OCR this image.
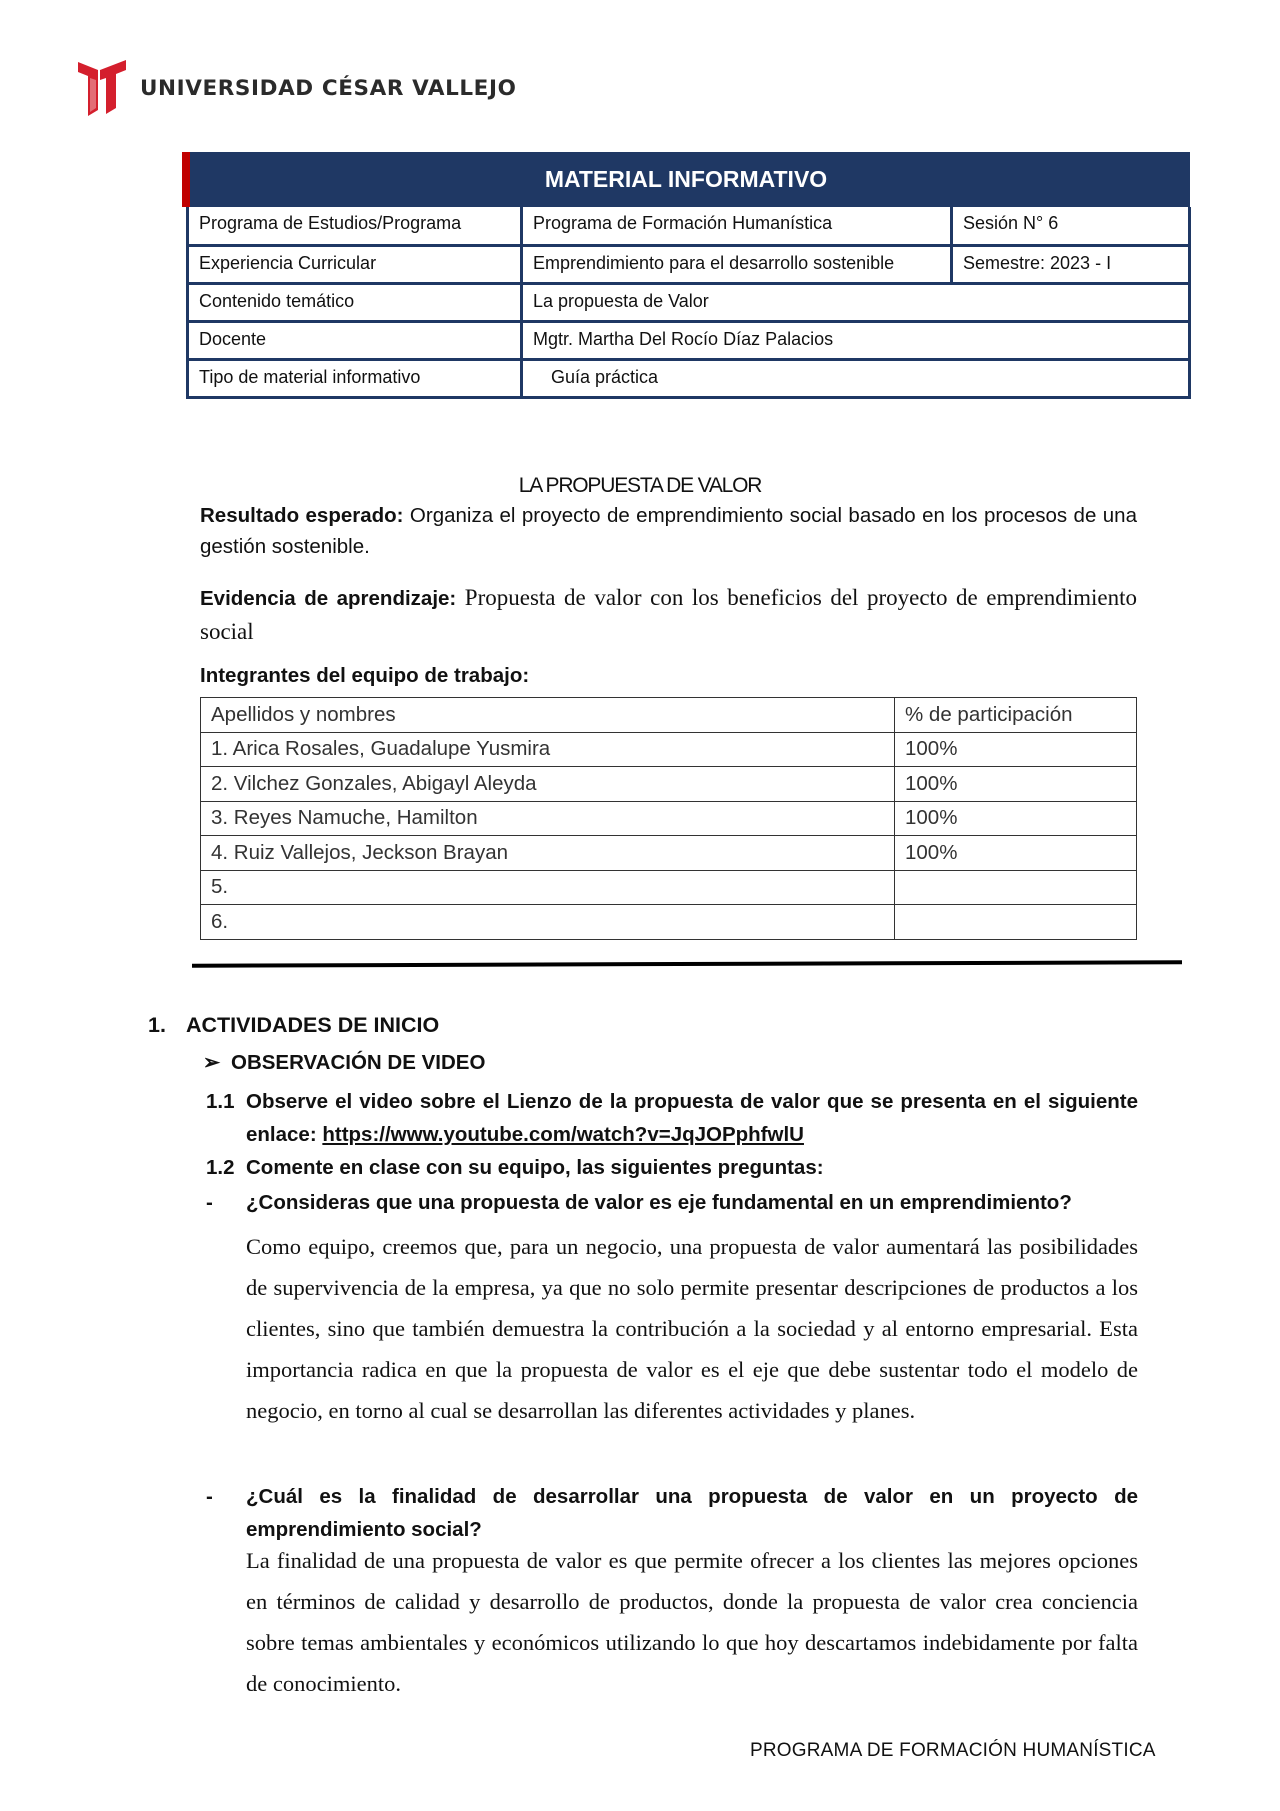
UNIVERSIDAD CÉSAR VALLEJO
MATERIAL INFORMATIVO
Programa de Estudios/Programa	Programa de Formación Humanística	Sesión N° 6
Experiencia Curricular	Emprendimiento para el desarrollo sostenible	Semestre: 2023 - I
Contenido temático	La propuesta de Valor	
Docente	Mgtr. Martha Del Rocío Díaz Palacios	
Tipo de material informativo	Guía práctica	
LA PROPUESTA DE VALOR
Resultado esperado: Organiza el proyecto de emprendimiento social basado en los procesos de una gestión sostenible.
Evidencia de aprendizaje: Propuesta de valor con los beneficios del proyecto de emprendimiento social
Integrantes del equipo de trabajo:
Apellidos y nombres	% de participación
1. Arica Rosales, Guadalupe Yusmira	100%
2. Vilchez Gonzales, Abigayl Aleyda	100%
3. Reyes Namuche, Hamilton	100%
4. Ruiz Vallejos, Jeckson Brayan	100%
5.	
6.	
1. ACTIVIDADES DE INICIO
➢ OBSERVACIÓN DE VIDEO
1.1 Observe el video sobre el Lienzo de la propuesta de valor que se presenta en el siguiente enlace: https://www.youtube.com/watch?v=JqJOPphfwlU
1.2 Comente en clase con su equipo, las siguientes preguntas:
- ¿Consideras que una propuesta de valor es eje fundamental en un emprendimiento?
Como equipo, creemos que, para un negocio, una propuesta de valor aumentará las posibilidades de supervivencia de la empresa, ya que no solo permite presentar descripciones de productos a los clientes, sino que también demuestra la contribución a la sociedad y al entorno empresarial. Esta importancia radica en que la propuesta de valor es el eje que debe sustentar todo el modelo de negocio, en torno al cual se desarrollan las diferentes actividades y planes.
- ¿Cuál es la finalidad de desarrollar una propuesta de valor en un proyecto de emprendimiento social?
La finalidad de una propuesta de valor es que permite ofrecer a los clientes las mejores opciones en términos de calidad y desarrollo de productos, donde la propuesta de valor crea conciencia sobre temas ambientales y económicos utilizando lo que hoy descartamos indebidamente por falta de conocimiento.
PROGRAMA DE FORMACIÓN HUMANÍSTICA
